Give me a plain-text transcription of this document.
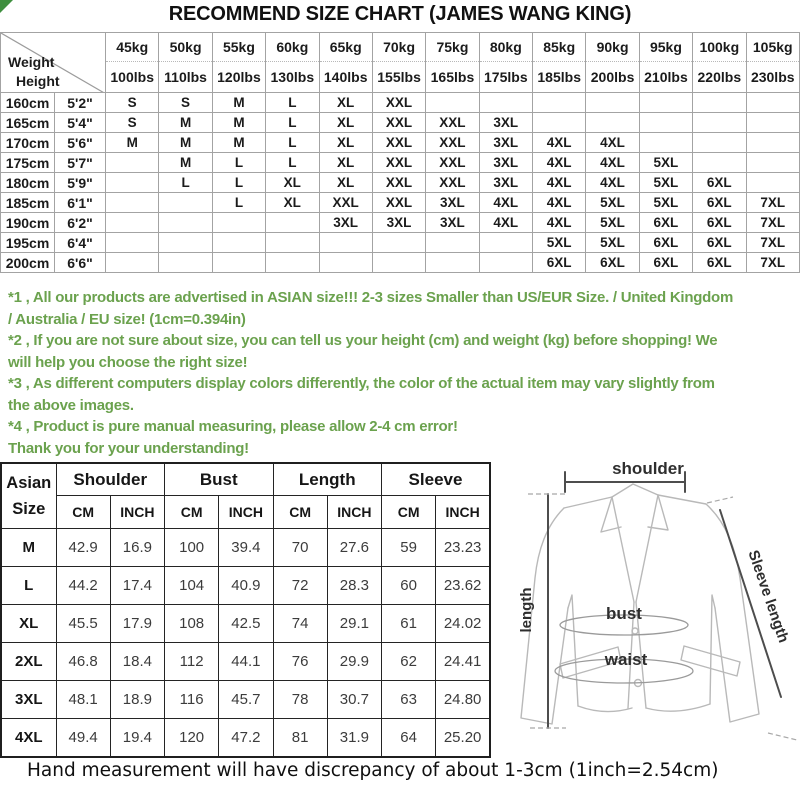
RECOMMEND SIZE CHART (JAMES WANG KING)
Weight
Height		45kg	50kg	55kg	60kg	65kg	70kg	75kg	80kg	85kg	90kg	95kg	100kg	105kg
		100lbs	110lbs	120lbs	130lbs	140lbs	155lbs	165lbs	175lbs	185lbs	200lbs	210lbs	220lbs	230lbs
160cm	5'2"	S	S	M	L	XL	XXL							
165cm	5'4"	S	M	M	L	XL	XXL	XXL	3XL					
170cm	5'6"	M	M	M	L	XL	XXL	XXL	3XL	4XL	4XL			
175cm	5'7"		M	L	L	XL	XXL	XXL	3XL	4XL	4XL	5XL		
180cm	5'9"		L	L	XL	XL	XXL	XXL	3XL	4XL	4XL	5XL	6XL	
185cm	6'1"			L	XL	XXL	XXL	3XL	4XL	4XL	5XL	5XL	6XL	7XL
190cm	6'2"					3XL	3XL	3XL	4XL	4XL	5XL	6XL	6XL	7XL
195cm	6'4"									5XL	5XL	6XL	6XL	7XL
200cm	6'6"									6XL	6XL	6XL	6XL	7XL
*1 , All our products are advertised in ASIAN size!!! 2-3 sizes Smaller than US/EUR Size. / United Kingdom
/ Australia / EU size! (1cm=0.394in)
*2 , If you are not sure about size, you can tell us your height (cm) and weight (kg) before shopping! We
will help you choose the right size!
*3 , As different computers display colors differently, the color of the actual item may vary slightly from
the above images.
*4 , Product is pure manual measuring, please allow 2-4 cm error!
Thank you for your understanding!
Asian
Size	Shoulder		Bust		Length		Sleeve	
	CM	INCH	CM	INCH	CM	INCH	CM	INCH
M	42.9	16.9	100	39.4	70	27.6	59	23.23
L	44.2	17.4	104	40.9	72	28.3	60	23.62
XL	45.5	17.9	108	42.5	74	29.1	61	24.02
2XL	46.8	18.4	112	44.1	76	29.9	62	24.41
3XL	48.1	18.9	116	45.7	78	30.7	63	24.80
4XL	49.4	19.4	120	47.2	81	31.9	64	25.20
shoulder
length	bust
waist
Sleeve length
Hand measurement will have discrepancy of about 1-3cm (1inch=2.54cm)
